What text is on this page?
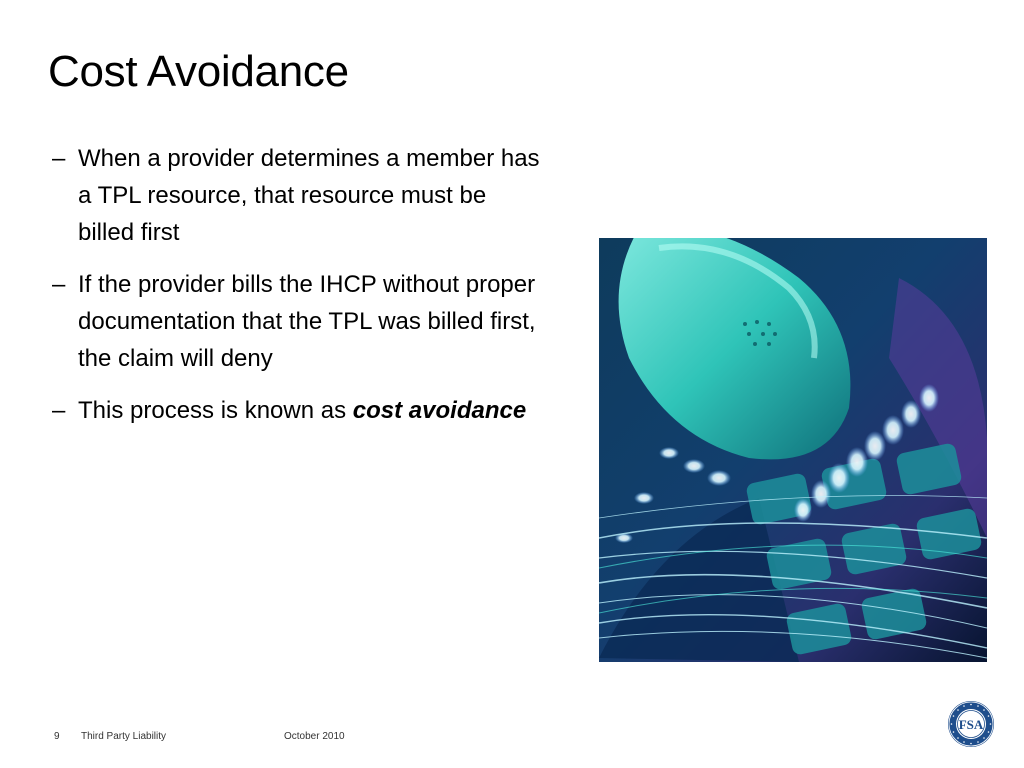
Cost Avoidance
– When a provider determines a member has a TPL resource, that resource must be billed first
– If the provider bills the IHCP without proper documentation that the TPL was billed first, the claim will deny
– This process is known as cost avoidance
9 Third Party Liability	October 2010
FSA
